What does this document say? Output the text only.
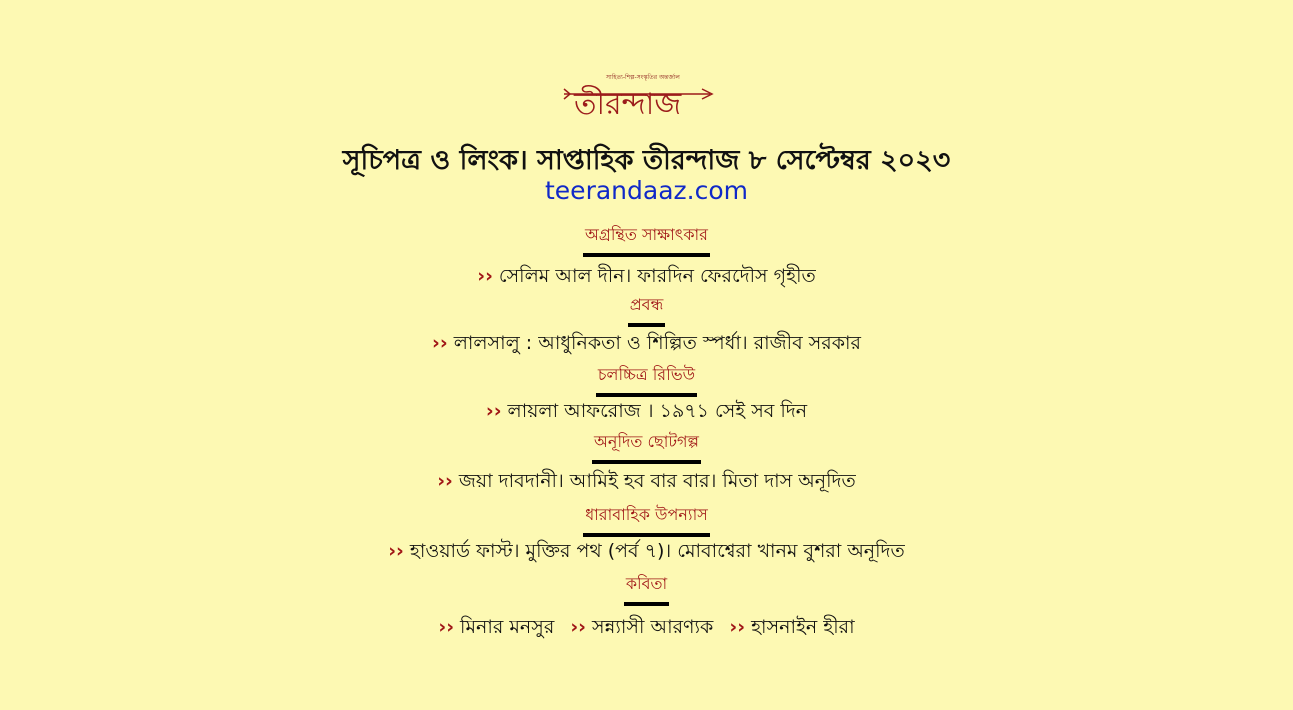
সাহিত্য-শিল্প-সংস্কৃতির অন্তর্জাল
তীরন্দাজ
সূচিপত্র ও লিংক। সাপ্তাহিক তীরন্দাজ ৮ সেপ্টেম্বর ২০২৩
teerandaaz.com
অগ্রন্থিত সাক্ষাৎকার
›› সেলিম আল দীন। ফারদিন ফেরদৌস গৃহীত
প্রবন্ধ
›› লালসালু : আধুনিকতা ও শিল্পিত স্পর্ধা। রাজীব সরকার
চলচ্চিত্র রিভিউ
›› লায়লা আফরোজ । ১৯৭১ সেই সব দিন
অনূদিত ছোটগল্প
›› জয়া দাবদানী। আমিই হব বার বার। মিতা দাস অনূদিত
ধারাবাহিক উপন্যাস
›› হাওয়ার্ড ফাস্ট। মুক্তির পথ (পর্ব ৭)। মোবাশ্বেরা খানম বুশরা অনূদিত
কবিতা
›› মিনার মনসুর ›› সন্ন্যাসী আরণ্যক ›› হাসনাইন হীরা
